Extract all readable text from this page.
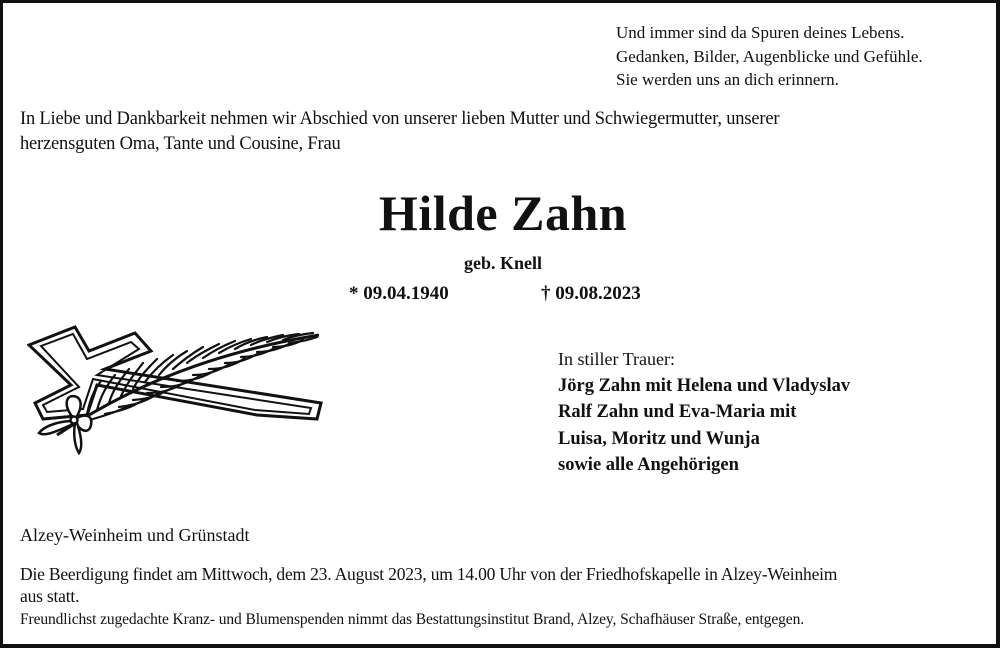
Und immer sind da Spuren deines Lebens.
Gedanken, Bilder, Augenblicke und Gefühle.
Sie werden uns an dich erinnern.
In Liebe und Dankbarkeit nehmen wir Abschied von unserer lieben Mutter und Schwiegermutter, unserer
herzensguten Oma, Tante und Cousine, Frau
Hilde Zahn
geb. Knell
* 09.04.1940	† 09.08.2023
In stiller Trauer:
Jörg Zahn mit Helena und Vladyslav
Ralf Zahn und Eva-Maria mit
Luisa, Moritz und Wunja
sowie alle Angehörigen
Alzey-Weinheim und Grünstadt
Die Beerdigung findet am Mittwoch, dem 23. August 2023, um 14.00 Uhr von der Friedhofskapelle in Alzey-Weinheim
aus statt.
Freundlichst zugedachte Kranz- und Blumenspenden nimmt das Bestattungsinstitut Brand, Alzey, Schafhäuser Straße, entgegen.
